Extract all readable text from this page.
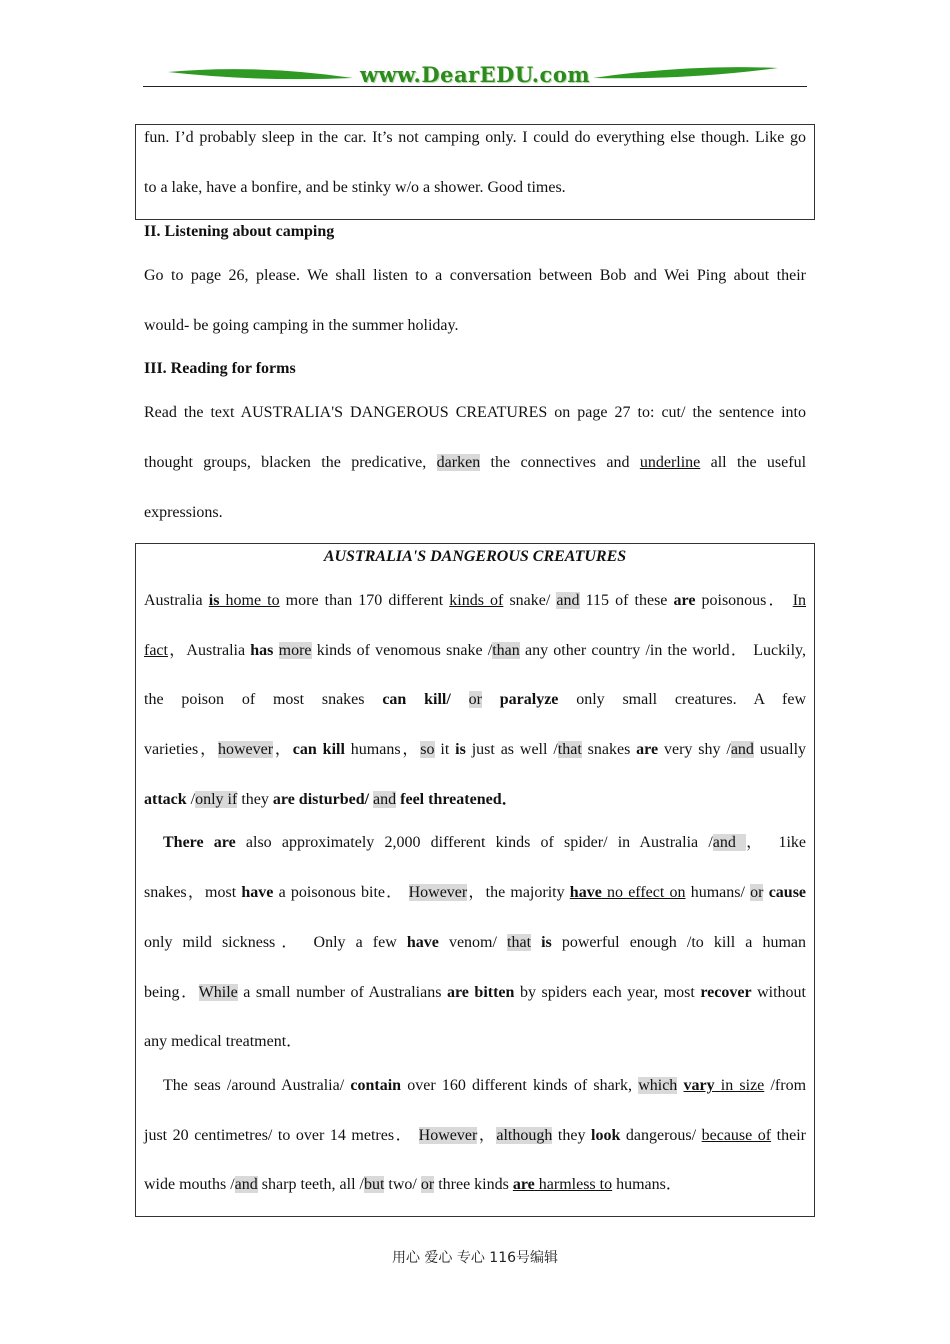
www.DearEDU.com
fun. I’d probably sleep in the car. It’s not camping only. I could do everything else though. Like go
to a lake, have a bonfire, and be stinky w/o a shower. Good times.
II. Listening about camping
Go to page 26, please. We shall listen to a conversation between Bob and Wei Ping about their
would- be going camping in the summer holiday.
III. Reading for forms
Read the text AUSTRALIA'S DANGEROUS CREATURES on page 27 to: cut/ the sentence into
thought groups, blacken the predicative, darken the connectives and underline all the useful
expressions.
AUSTRALIA'S DANGEROUS CREATURES
Australia is home to more than 170 different kinds of snake/ and 115 of these are poisonous． In
fact，Australia has more kinds of venomous snake /than any other country /in the world． Luckily,
the poison of most snakes can kill/ or paralyze only small creatures. A few
varieties，however，can kill humans，so it is just as well /that snakes are very shy /and usually
attack /only if they are disturbed/ and feel threatened．
There are also approximately 2,000 different kinds of spider/ in Australia /and ， 1ike
snakes，most have a poisonous bite． However，the majority have no effect on humans/ or cause
only mild sickness． Only a few have venom/ that is powerful enough /to kill a human
being．While a small number of Australians are bitten by spiders each year, most recover without
any medical treatment．
The seas /around Australia/ contain over 160 different kinds of shark, which vary in size /from
just 20 centimetres/ to over 14 metres． However，although they look dangerous/ because of their
wide mouths /and sharp teeth, all /but two/ or three kinds are harmless to humans．
用心 爱心 专心 116号编辑
